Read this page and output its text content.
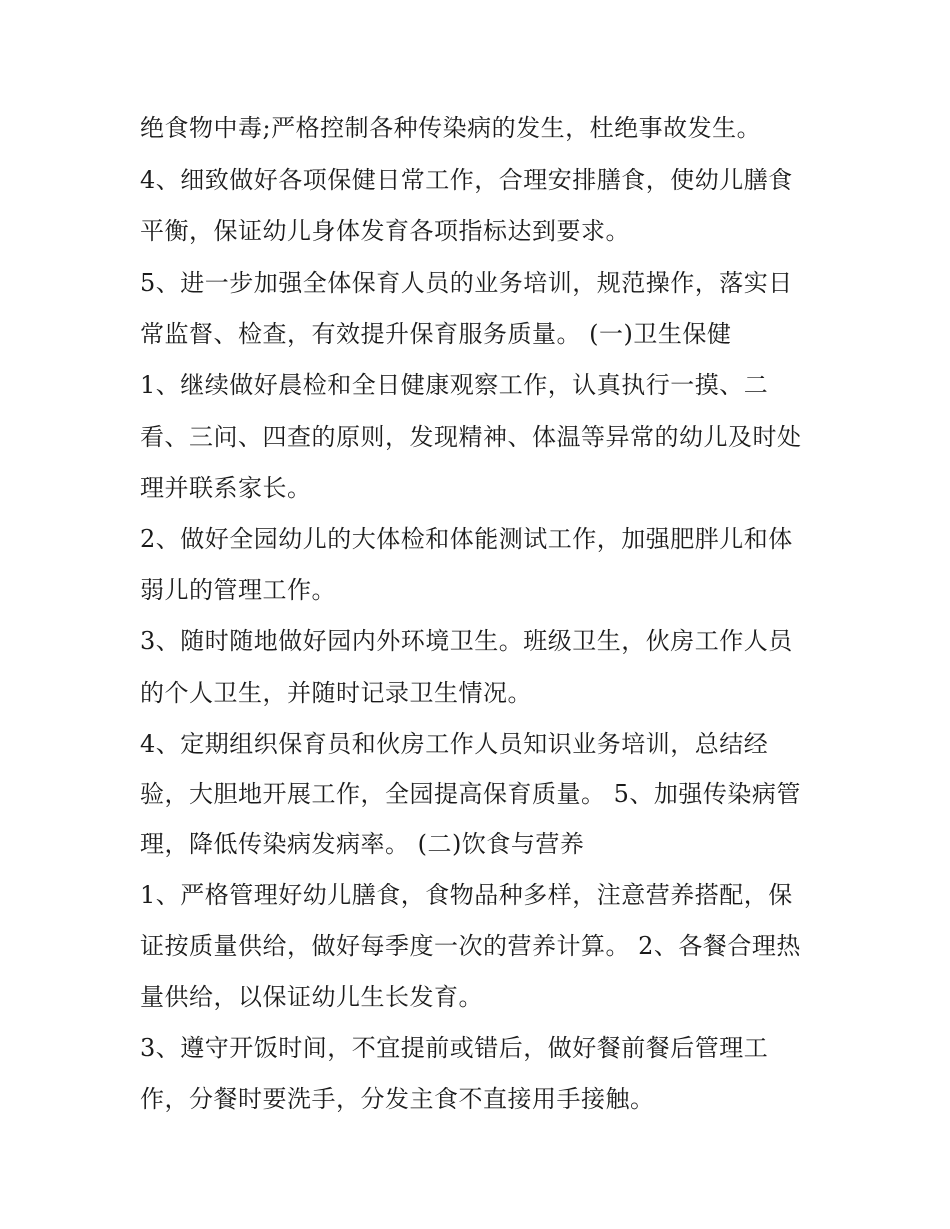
绝食物中毒;严格控制各种传染病的发生，杜绝事故发生。
4、细致做好各项保健日常工作，合理安排膳食，使幼儿膳食
平衡，保证幼儿身体发育各项指标达到要求。
5、进一步加强全体保育人员的业务培训，规范操作，落实日
常监督、检查，有效提升保育服务质量。 (一)卫生保健
1、继续做好晨检和全日健康观察工作，认真执行一摸、二
看、三问、四查的原则，发现精神、体温等异常的幼儿及时处
理并联系家长。
2、做好全园幼儿的大体检和体能测试工作，加强肥胖儿和体
弱儿的管理工作。
3、随时随地做好园内外环境卫生。班级卫生，伙房工作人员
的个人卫生，并随时记录卫生情况。
4、定期组织保育员和伙房工作人员知识业务培训，总结经
验，大胆地开展工作，全园提高保育质量。 5、加强传染病管
理，降低传染病发病率。 (二)饮食与营养
1、严格管理好幼儿膳食，食物品种多样，注意营养搭配，保
证按质量供给，做好每季度一次的营养计算。 2、各餐合理热
量供给，以保证幼儿生长发育。
3、遵守开饭时间，不宜提前或错后，做好餐前餐后管理工
作，分餐时要洗手，分发主食不直接用手接触。
